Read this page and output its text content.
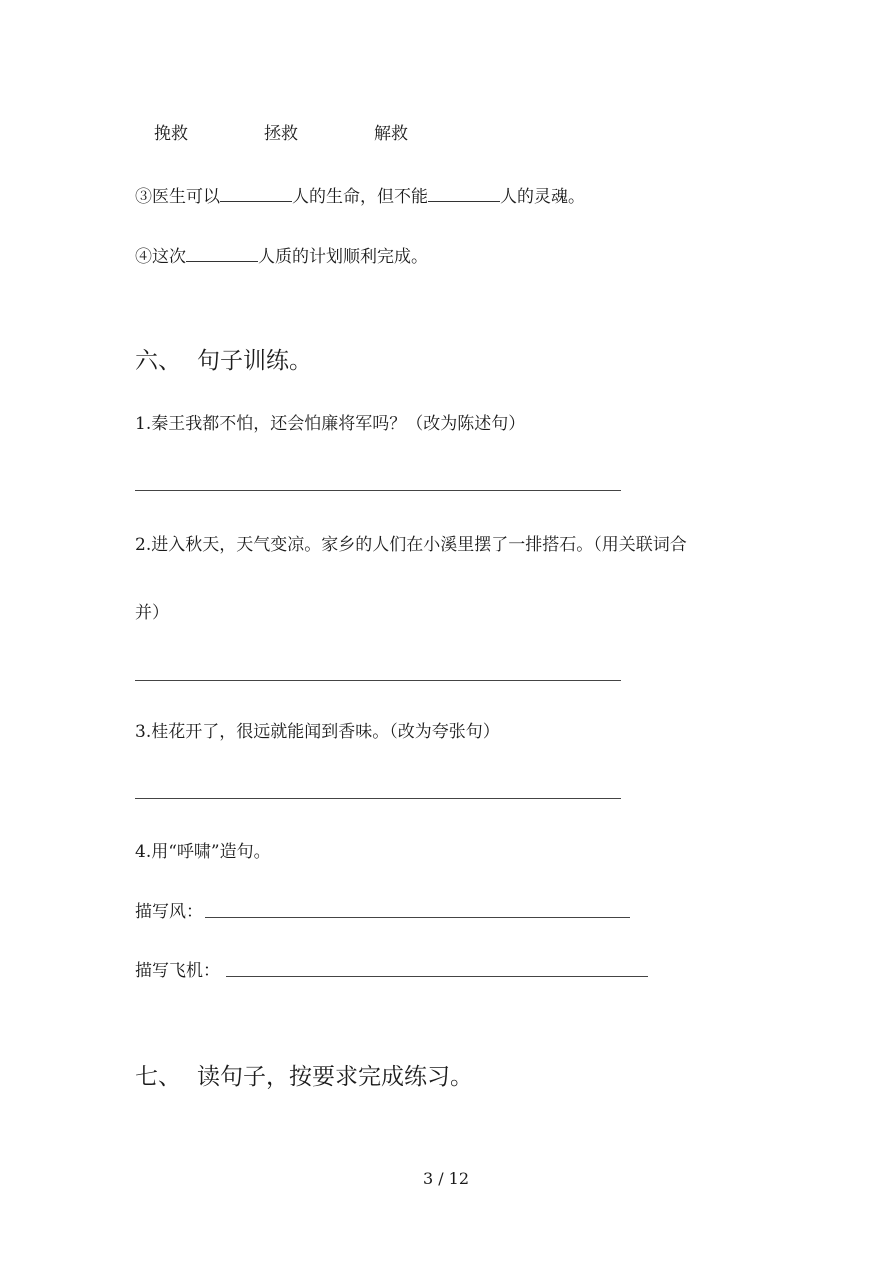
挽救	拯救	解救
③医生可以	人的生命，但不能	人的灵魂。
④这次	人质的计划顺利完成。
六、 句子训练。
1.秦王我都不怕，还会怕廉将军吗？（改为陈述句）
2.进入秋天，天气变凉。家乡的人们在小溪里摆了一排搭石。（用关联词合
并）
3.桂花开了，很远就能闻到香味。（改为夸张句）
4.用“呼啸”造句。
描写风：
描写飞机：
七、 读句子，按要求完成练习。
3 / 12
